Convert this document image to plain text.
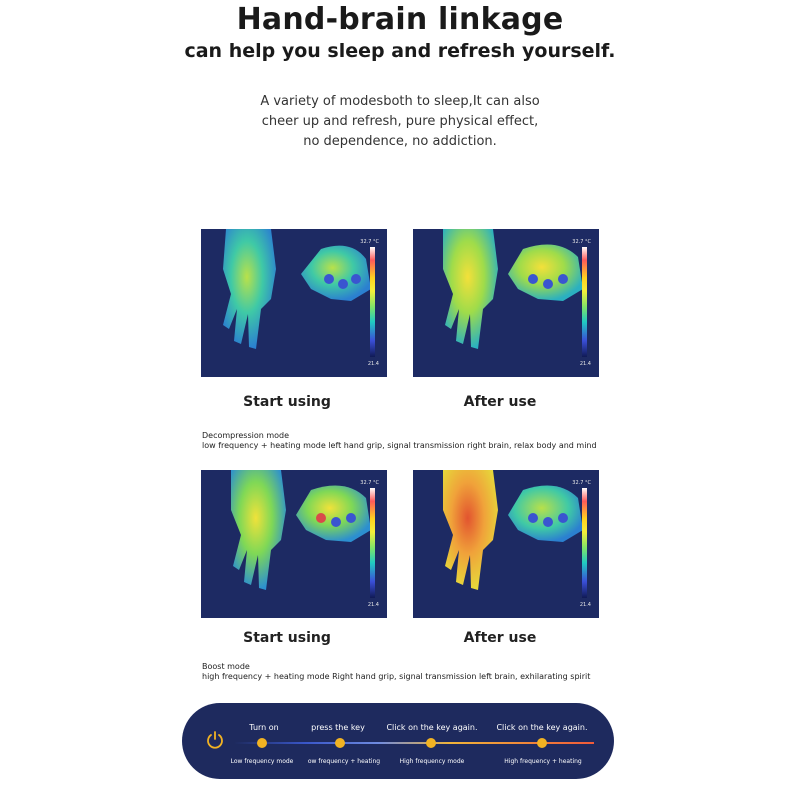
Hand-brain linkage
can help you sleep and refresh yourself.
A variety of modesboth to sleep,It can also
cheer up and refresh, pure physical effect,
no dependence, no addiction.
32.7 °C
21.4
32.7 °C
21.4
Start using	After use
Decompression mode
low frequency + heating mode left hand grip, signal transmission right brain, relax body and mind
32.7 °C
21.4
32.7 °C
21.4
Start using	After use
Boost mode
high frequency + heating mode Right hand grip, signal transmission left brain, exhilarating spirit
Turn on
Low frequency mode
press the key
ow frequency + heating
Click on the key again.
High frequency mode
Click on the key again.
High frequency + heating
